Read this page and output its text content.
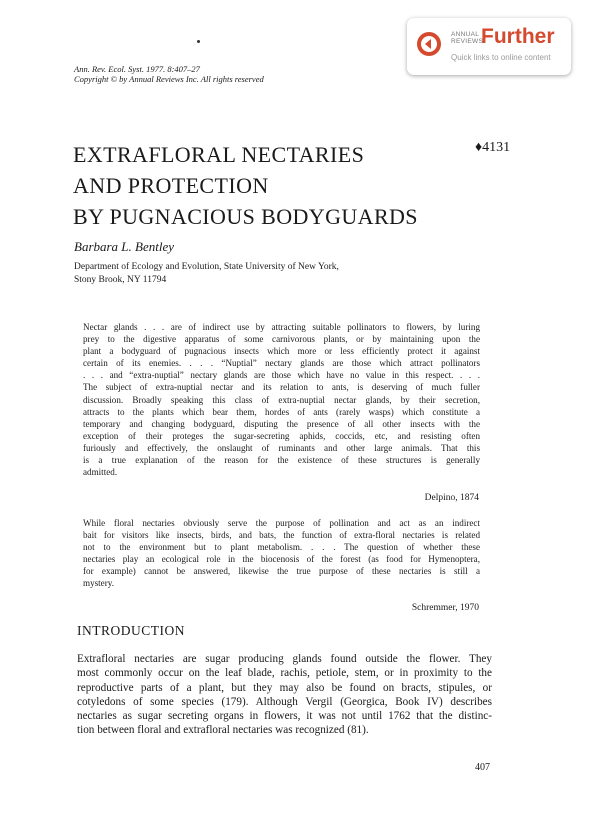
Ann. Rev. Ecol. Syst. 1977. 8:407–27
Copyright © by Annual Reviews Inc. All rights reserved
ANNUAL
REVIEWS
Further
Quick links to online content
EXTRAFLORAL NECTARIES
AND PROTECTION
BY PUGNACIOUS BODYGUARDS
♦4131
Barbara L. Bentley
Department of Ecology and Evolution, State University of New York,
Stony Brook, NY 11794
Nectar glands . . . are of indirect use by attracting suitable pollinators to flowers, by luring
prey to the digestive apparatus of some carnivorous plants, or by maintaining upon the
plant a bodyguard of pugnacious insects which more or less efficiently protect it against
certain of its enemies. . . . “Nuptial” nectary glands are those which attract pollinators
. . . and “extra-nuptial” nectary glands are those which have no value in this respect. . . .
The subject of extra-nuptial nectar and its relation to ants, is deserving of much fuller
discussion. Broadly speaking this class of extra-nuptial nectar glands, by their secretion,
attracts to the plants which bear them, hordes of ants (rarely wasps) which constitute a
temporary and changing bodyguard, disputing the presence of all other insects with the
exception of their proteges the sugar-secreting aphids, coccids, etc, and resisting often
furiously and effectively, the onslaught of ruminants and other large animals. That this
is a true explanation of the reason for the existence of these structures is generally
admitted.
Delpino, 1874
While floral nectaries obviously serve the purpose of pollination and act as an indirect
bait for visitors like insects, birds, and bats, the function of extra-floral nectaries is related
not to the environment but to plant metabolism. . . . The question of whether these
nectaries play an ecological role in the biocenosis of the forest (as food for Hymenoptera,
for example) cannot be answered, likewise the true purpose of these nectaries is still a
mystery.
Schremmer, 1970
INTRODUCTION
Extrafloral nectaries are sugar producing glands found outside the flower. They
most commonly occur on the leaf blade, rachis, petiole, stem, or in proximity to the
reproductive parts of a plant, but they may also be found on bracts, stipules, or
cotyledons of some species (179). Although Vergil (Georgica, Book IV) describes
nectaries as sugar secreting organs in flowers, it was not until 1762 that the distinc-
tion between floral and extrafloral nectaries was recognized (81).
407
